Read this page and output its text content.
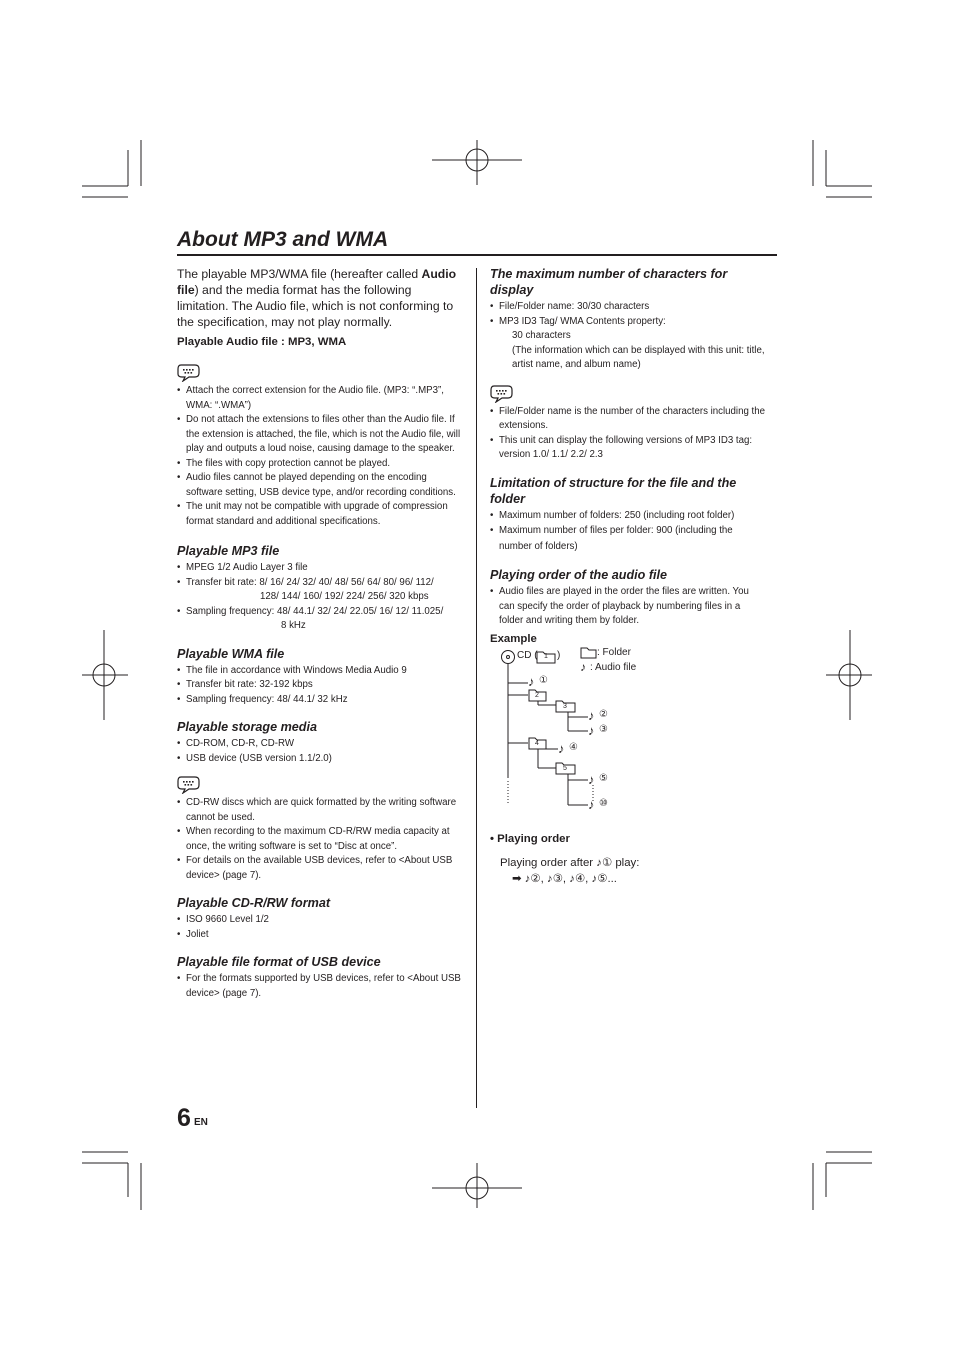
About MP3 and WMA

The playable MP3/WMA file (hereafter called Audio file) and the media format has the following limitation. The Audio file, which is not conforming to the specification, may not play normally.

Playable Audio file : MP3, WMA

• Attach the correct extension for the Audio file. (MP3: “.MP3”, WMA: “.WMA”)
• Do not attach the extensions to files other than the Audio file. If the extension is attached, the file, which is not the Audio file, will play and outputs a loud noise, causing damage to the speaker.
• The files with copy protection cannot be played.
• Audio files cannot be played depending on the encoding software setting, USB device type, and/or recording conditions.
• The unit may not be compatible with upgrade of compression format standard and additional specifications.
Playable MP3 file
• MPEG 1/2 Audio Layer 3 file
• Transfer bit rate: 8/ 16/ 24/ 32/ 40/ 48/ 56/ 64/ 80/ 96/ 112/
128/ 144/ 160/ 192/ 224/ 256/ 320 kbps
• Sampling frequency: 48/ 44.1/ 32/ 24/ 22.05/ 16/ 12/ 11.025/
8 kHz
Playable WMA file
• The file in accordance with Windows Media Audio 9
• Transfer bit rate: 32-192 kbps
• Sampling frequency: 48/ 44.1/ 32 kHz
Playable storage media
• CD-ROM, CD-R, CD-RW
• USB device (USB version 1.1/2.0)
• CD-RW discs which are quick formatted by the writing software cannot be used.
• When recording to the maximum CD-R/RW media capacity at once, the writing software is set to “Disc at once”.
• For details on the available USB devices, refer to <About USB device> (page 7).
Playable CD-R/RW format
• ISO 9660 Level 1/2
• Joliet
Playable file format of USB device
• For the formats supported by USB devices, refer to <About USB device> (page 7).
The maximum number of characters for display
• File/Folder name: 30/30 characters
• MP3 ID3 Tag/ WMA Contents property:
30 characters
(The information which can be displayed with this unit: title, artist name, and album name)
• File/Folder name is the number of the characters including the extensions.
• This unit can display the following versions of MP3 ID3 tag: version 1.0/ 1.1/ 2.2/ 2.3
Limitation of structure for the file and the folder
• Maximum number of folders: 250 (including root folder)
• Maximum number of files per folder: 900 (including the number of folders)
Playing order of the audio file
• Audio files are played in the order the files are written. You can specify the order of playback by numbering files in a folder and writing them by folder.

Example

CD ( 1 )	: Folder
♪ : Audio file
♪ ①
2
3
♪ ②
♪ ③
4 ♪ ④
5
♪ ⑤
♪ ⑩
• Playing order
Playing order after ♪① play:
➡ ♪②, ♪③, ♪④, ♪⑤...
6 EN
